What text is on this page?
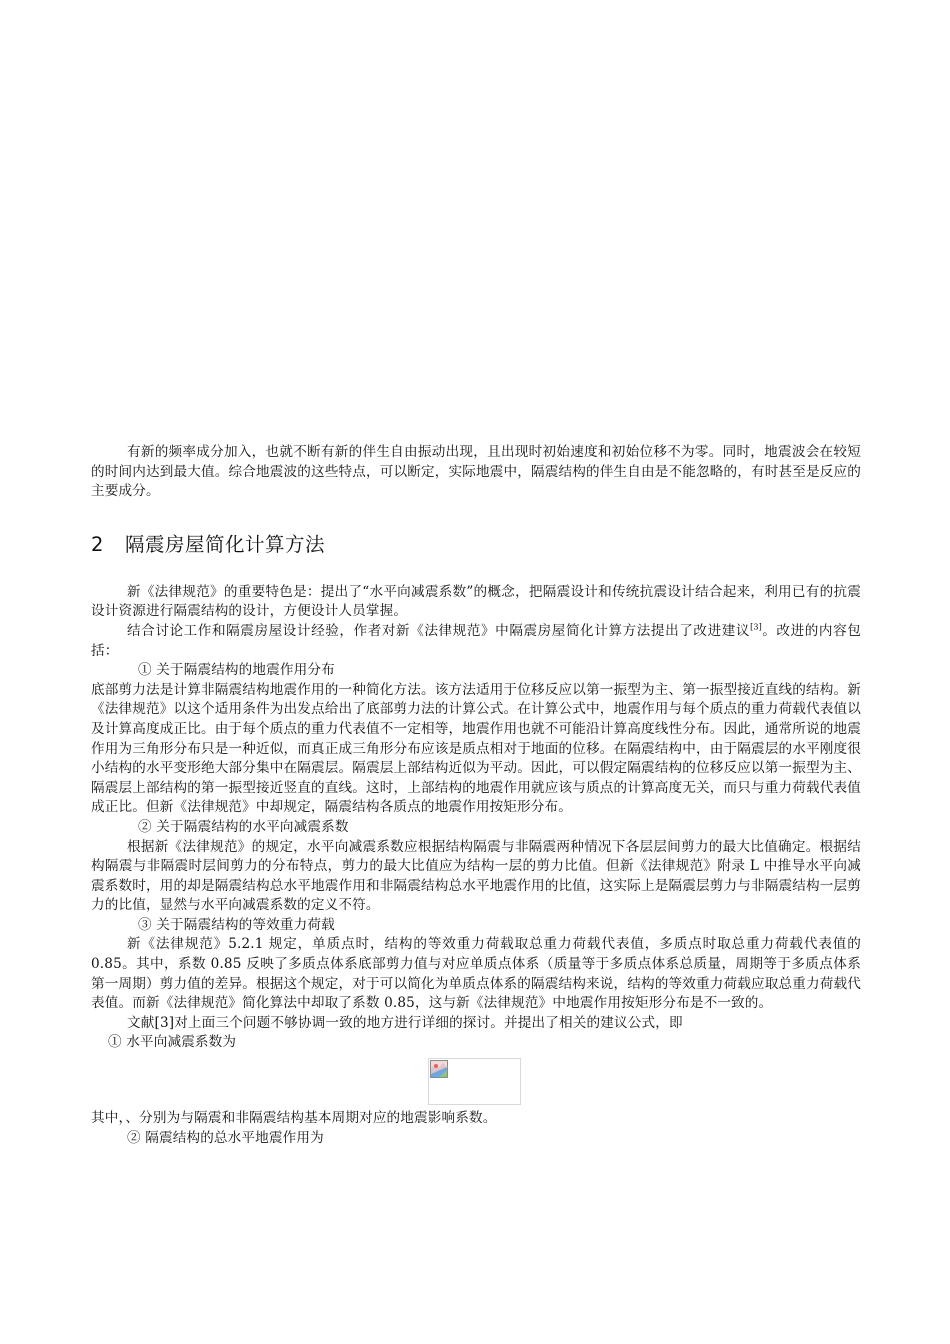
有新的频率成分加入，也就不断有新的伴生自由振动出现，且出现时初始速度和初始位移不为零。同时，地震波会在较短的时间内达到最大值。综合地震波的这些特点，可以断定，实际地震中，隔震结构的伴生自由是不能忽略的，有时甚至是反应的主要成分。

2 隔震房屋简化计算方法

新《法律规范》的重要特色是：提出了“水平向减震系数”的概念，把隔震设计和传统抗震设计结合起来，利用已有的抗震设计资源进行隔震结构的设计，方便设计人员掌握。

结合讨论工作和隔震房屋设计经验，作者对新《法律规范》中隔震房屋简化计算方法提出了改进建议[3]。改进的内容包括：

① 关于隔震结构的地震作用分布

底部剪力法是计算非隔震结构地震作用的一种简化方法。该方法适用于位移反应以第一振型为主、第一振型接近直线的结构。新《法律规范》以这个适用条件为出发点给出了底部剪力法的计算公式。在计算公式中，地震作用与每个质点的重力荷载代表值以及计算高度成正比。由于每个质点的重力代表值不一定相等，地震作用也就不可能沿计算高度线性分布。因此，通常所说的地震作用为三角形分布只是一种近似，而真正成三角形分布应该是质点相对于地面的位移。在隔震结构中，由于隔震层的水平刚度很小结构的水平变形绝大部分集中在隔震层。隔震层上部结构近似为平动。因此，可以假定隔震结构的位移反应以第一振型为主、隔震层上部结构的第一振型接近竖直的直线。这时，上部结构的地震作用就应该与质点的计算高度无关，而只与重力荷载代表值成正比。但新《法律规范》中却规定，隔震结构各质点的地震作用按矩形分布。

② 关于隔震结构的水平向减震系数

根据新《法律规范》的规定，水平向减震系数应根据结构隔震与非隔震两种情况下各层层间剪力的最大比值确定。根据结构隔震与非隔震时层间剪力的分布特点，剪力的最大比值应为结构一层的剪力比值。但新《法律规范》附录 L 中推导水平向减震系数时，用的却是隔震结构总水平地震作用和非隔震结构总水平地震作用的比值，这实际上是隔震层剪力与非隔震结构一层剪力的比值，显然与水平向减震系数的定义不符。

③ 关于隔震结构的等效重力荷载

新《法律规范》5.2.1 规定，单质点时，结构的等效重力荷载取总重力荷载代表值，多质点时取总重力荷载代表值的 0.85。其中，系数 0.85 反映了多质点体系底部剪力值与对应单质点体系（质量等于多质点体系总质量，周期等于多质点体系第一周期）剪力值的差异。根据这个规定，对于可以简化为单质点体系的隔震结构来说，结构的等效重力荷载应取总重力荷载代表值。而新《法律规范》简化算法中却取了系数 0.85，这与新《法律规范》中地震作用按矩形分布是不一致的。

文献[3]对上面三个问题不够协调一致的地方进行详细的探讨。并提出了相关的建议公式，即

① 水平向减震系数为

其中，、分别为与隔震和非隔震结构基本周期对应的地震影响系数。

② 隔震结构的总水平地震作用为
